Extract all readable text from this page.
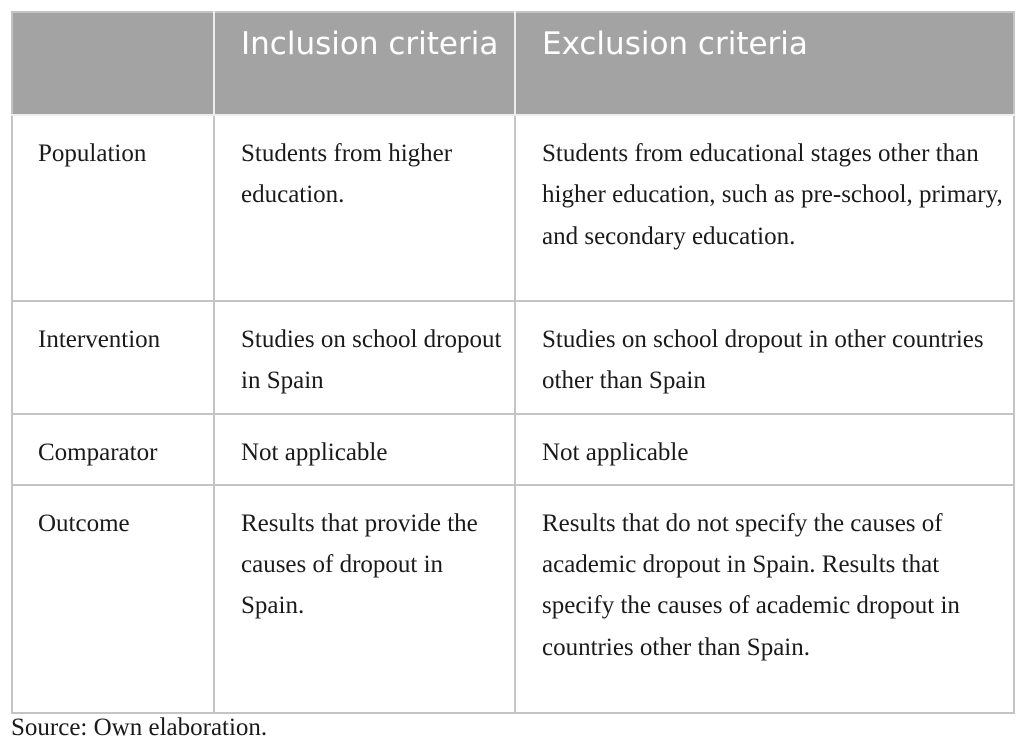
	Inclusion criteria	Exclusion criteria
Population	Students from higher education.	Students from educational stages other than higher education, such as pre-school, primary, and secondary education.
Intervention	Studies on school dropout in Spain	Studies on school dropout in other countries other than Spain
Comparator	Not applicable	Not applicable
Outcome	Results that provide the causes of dropout in Spain.	Results that do not specify the causes of academic dropout in Spain. Results that specify the causes of academic dropout in countries other than Spain.
Source: Own elaboration.
